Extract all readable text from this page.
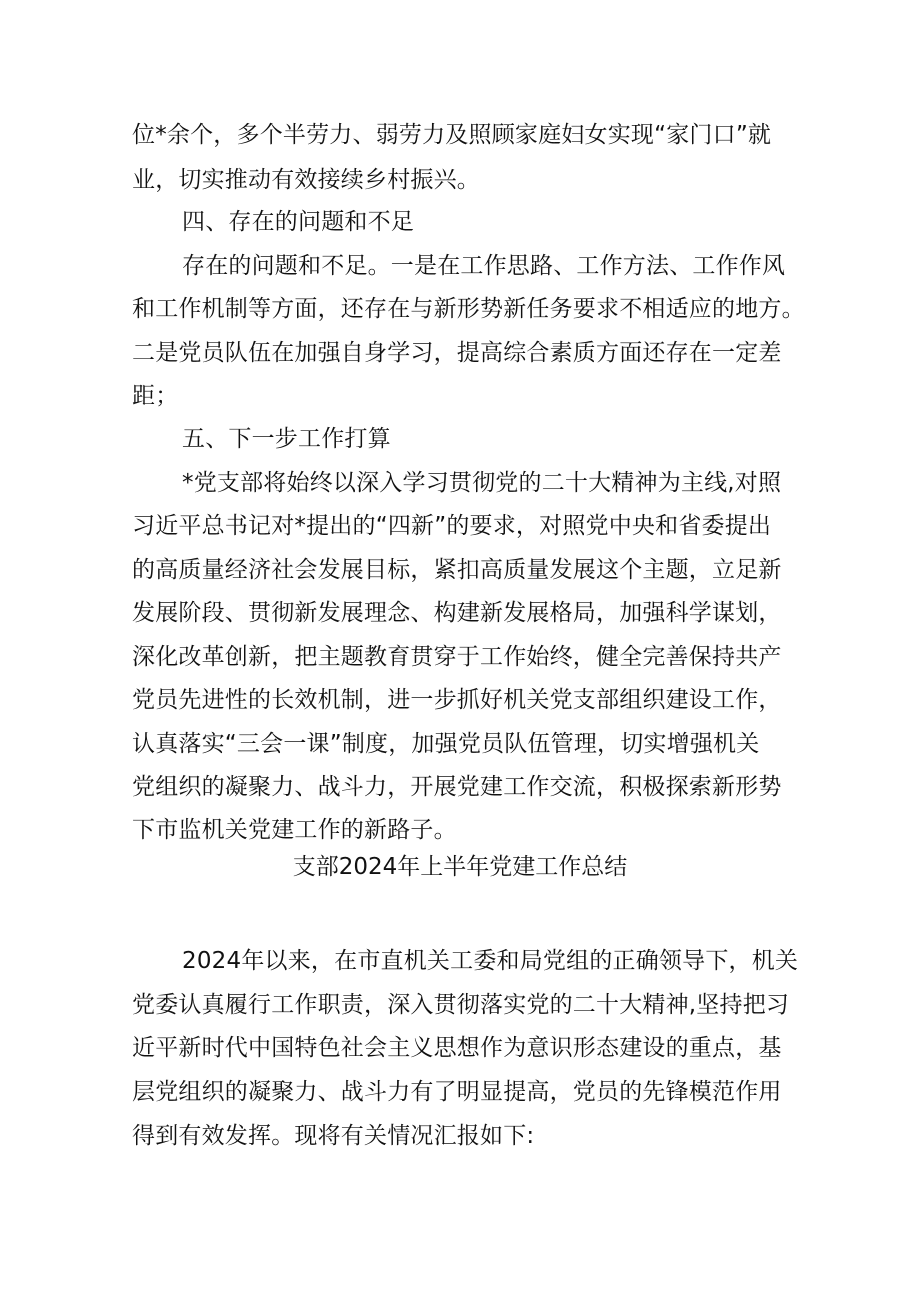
位*余个，多个半劳力、弱劳力及照顾家庭妇女实现“家门口”就
业，切实推动有效接续乡村振兴。
四、存在的问题和不足
存在的问题和不足。一是在工作思路、工作方法、工作作风
和工作机制等方面，还存在与新形势新任务要求不相适应的地方。
二是党员队伍在加强自身学习，提高综合素质方面还存在一定差
距；
五、下一步工作打算
*党支部将始终以深入学习贯彻党的二十大精神为主线,对照
习近平总书记对*提出的“四新”的要求，对照党中央和省委提出
的高质量经济社会发展目标，紧扣高质量发展这个主题，立足新
发展阶段、贯彻新发展理念、构建新发展格局，加强科学谋划，
深化改革创新，把主题教育贯穿于工作始终，健全完善保持共产
党员先进性的长效机制，进一步抓好机关党支部组织建设工作，
认真落实“三会一课”制度，加强党员队伍管理，切实增强机关
党组织的凝聚力、战斗力，开展党建工作交流，积极探索新形势
下市监机关党建工作的新路子。
支部2024年上半年党建工作总结
2024年以来，在市直机关工委和局党组的正确领导下，机关
党委认真履行工作职责，深入贯彻落实党的二十大精神,坚持把习
近平新时代中国特色社会主义思想作为意识形态建设的重点，基
层党组织的凝聚力、战斗力有了明显提高，党员的先锋模范作用
得到有效发挥。现将有关情况汇报如下:
